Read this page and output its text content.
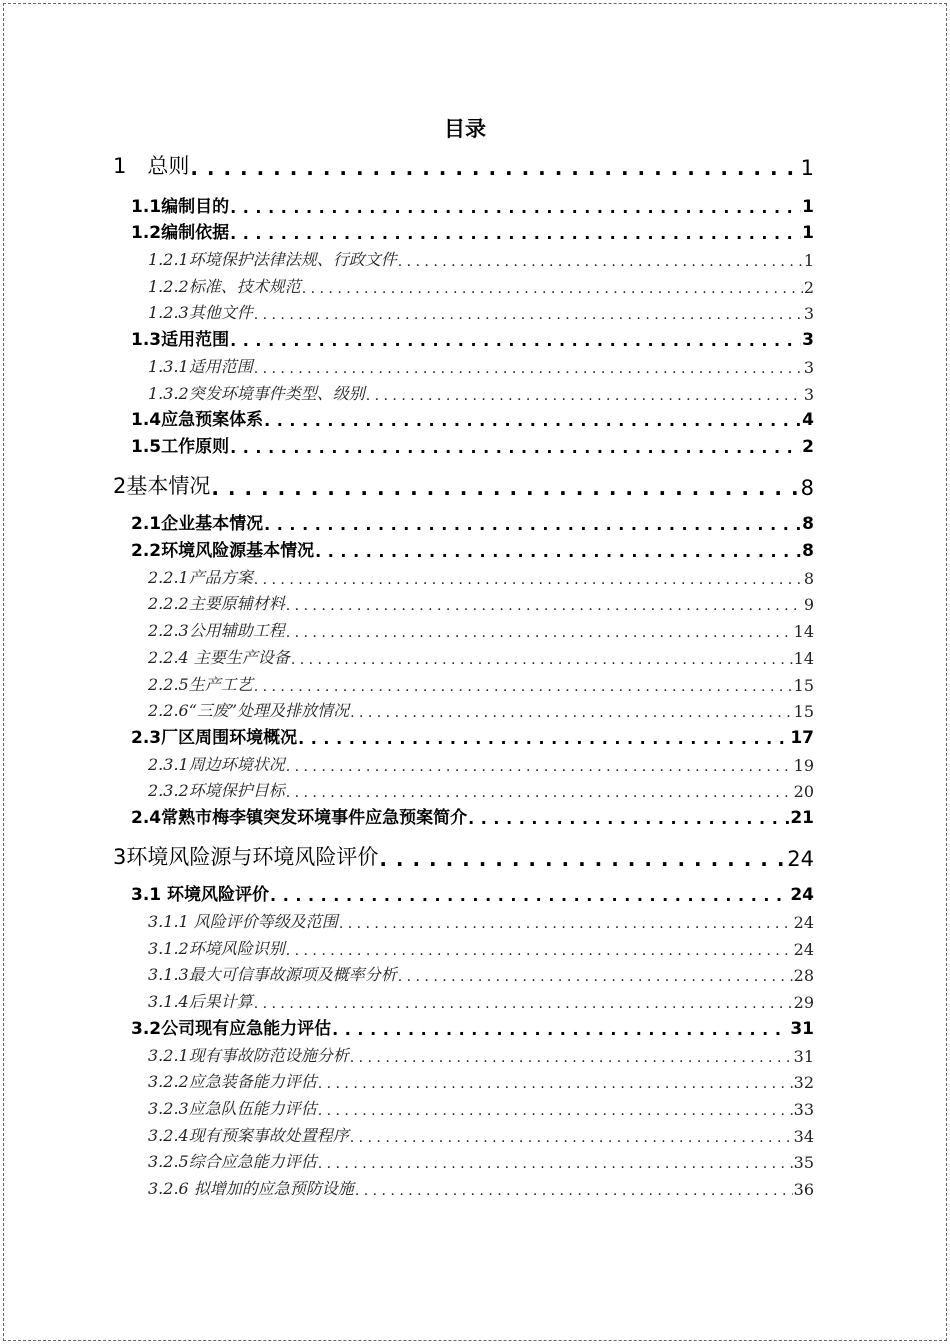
目录
1　总则 . . .	1
1.1编制目的 . . .	1
1.2编制依据 . . .	1
1.2.1环境保护法律法规、行政文件 . . .	1
1.2.2标准、技术规范 . . .	2
1.2.3其他文件 . . .	3
1.3适用范围 . . .	3
1.3.1适用范围 . . .	3
1.3.2突发环境事件类型、级别 . . .	3
1.4应急预案体系 . . .	4
1.5工作原则 . . .	2
2基本情况 . . .	8
2.1企业基本情况 . . .	8
2.2环境风险源基本情况 . . .	8
2.2.1产品方案 . . .	8
2.2.2主要原辅材料 . . .	9
2.2.3公用辅助工程 . . .	14
2.2.4 主要生产设备 . . .	14
2.2.5生产工艺 . . .	15
2.2.6“三废”处理及排放情况 . . .	15
2.3厂区周围环境概况 . . .	17
2.3.1周边环境状况 . . .	19
2.3.2环境保护目标 . . .	20
2.4常熟市梅李镇突发环境事件应急预案简介 . . .	21
3环境风险源与环境风险评价 . . .	24
3.1 环境风险评价 . . .	24
3.1.1 风险评价等级及范围 . . .	24
3.1.2环境风险识别 . . .	24
3.1.3最大可信事故源项及概率分析 . . .	28
3.1.4后果计算 . . .	29
3.2公司现有应急能力评估 . . .	31
3.2.1现有事故防范设施分析 . . .	31
3.2.2应急装备能力评估 . . .	32
3.2.3应急队伍能力评估 . . .	33
3.2.4现有预案事故处置程序 . . .	34
3.2.5综合应急能力评估 . . .	35
3.2.6 拟增加的应急预防设施 . . .	36
